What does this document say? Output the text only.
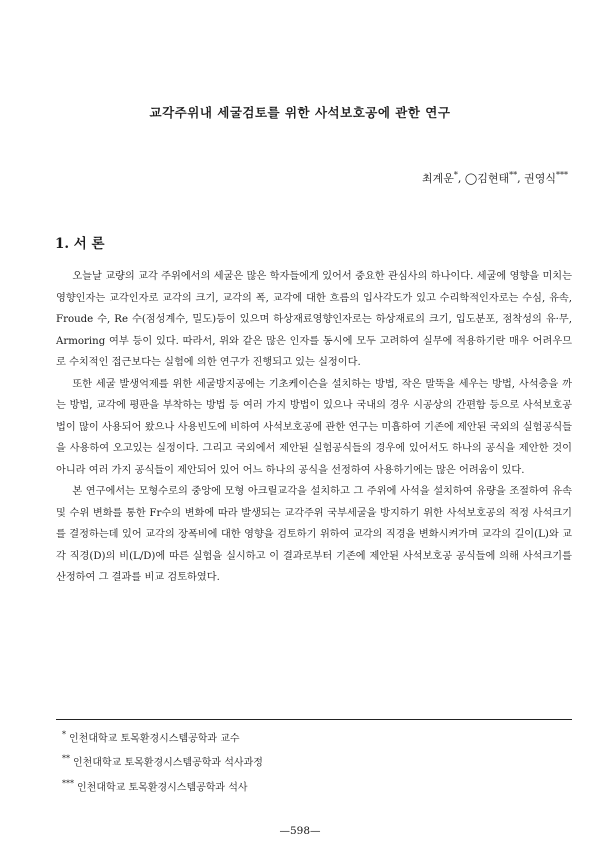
교각주위내 세굴검토를 위한 사석보호공에 관한 연구
최계운*, ◯김현태**, 권영식***
1. 서 론

오늘날 교량의 교각 주위에서의 세굴은 많은 학자들에게 있어서 중요한 관심사의 하나이다. 세굴에 영향을 미치는 영향인자는 교각인자로 교각의 크기, 교각의 폭, 교각에 대한 흐름의 입사각도가 있고 수리학적인자로는 수심, 유속, Froude 수, Re 수(점성계수, 밀도)등이 있으며 하상재료영향인자로는 하상재료의 크기, 입도분포, 점착성의 유·무, Armoring 여부 등이 있다. 따라서, 위와 같은 많은 인자를 동시에 모두 고려하여 실무에 적용하기란 매우 어려우므로 수치적인 접근보다는 실험에 의한 연구가 진행되고 있는 실정이다.

또한 세굴 발생억제를 위한 세굴방지공에는 기초케이슨을 설치하는 방법, 작은 말뚝을 세우는 방법, 사석층을 까는 방법, 교각에 평판을 부착하는 방법 등 여러 가지 방법이 있으나 국내의 경우 시공상의 간편함 등으로 사석보호공법이 많이 사용되어 왔으나 사용빈도에 비하여 사석보호공에 관한 연구는 미흡하여 기존에 제안된 국외의 실험공식들을 사용하여 오고있는 실정이다. 그리고 국외에서 제안된 실험공식들의 경우에 있어서도 하나의 공식을 제안한 것이 아니라 여러 가지 공식들이 제안되어 있어 어느 하나의 공식을 선정하여 사용하기에는 많은 어려움이 있다.

본 연구에서는 모형수로의 중앙에 모형 아크릴교각을 설치하고 그 주위에 사석을 설치하여 유량을 조절하여 유속 및 수위 변화를 통한 Fr수의 변화에 따라 발생되는 교각주위 국부세굴을 방지하기 위한 사석보호공의 적정 사석크기를 결정하는데 있어 교각의 장폭비에 대한 영향을 검토하기 위하여 교각의 직경을 변화시켜가며 교각의 길이(L)와 교각 직경(D)의 비(L/D)에 따른 실험을 실시하고 이 결과로부터 기존에 제안된 사석보호공 공식들에 의해 사석크기를 산정하여 그 결과를 비교 검토하였다.

* 인천대학교 토목환경시스템공학과 교수
** 인천대학교 토목환경시스템공학과 석사과정
*** 인천대학교 토목환경시스템공학과 석사
—598—
